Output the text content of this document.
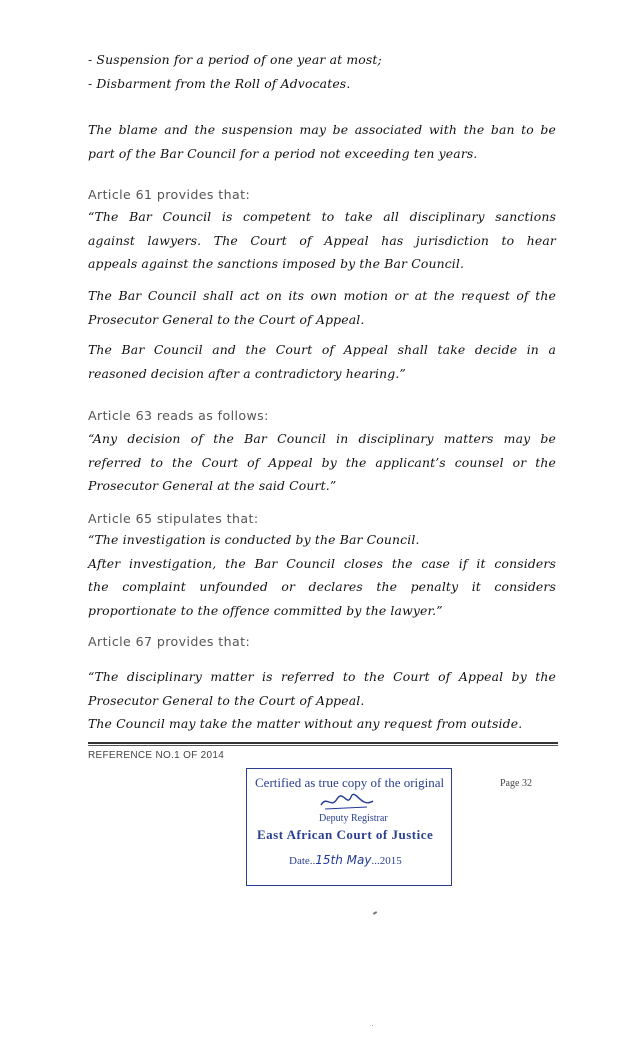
- Suspension for a period of one year at most;
- Disbarment from the Roll of Advocates.
The blame and the suspension may be associated with the ban to be
part of the Bar Council for a period not exceeding ten years.
Article 61 provides that:
“The Bar Council is competent to take all disciplinary sanctions
against lawyers. The Court of Appeal has jurisdiction to hear
appeals against the sanctions imposed by the Bar Council.
The Bar Council shall act on its own motion or at the request of the
Prosecutor General to the Court of Appeal.
The Bar Council and the Court of Appeal shall take decide in a
reasoned decision after a contradictory hearing.”
Article 63 reads as follows:
“Any decision of the Bar Council in disciplinary matters may be
referred to the Court of Appeal by the applicant’s counsel or the
Prosecutor General at the said Court.”
Article 65 stipulates that:
“The investigation is conducted by the Bar Council.
After investigation, the Bar Council closes the case if it considers
the complaint unfounded or declares the penalty it considers
proportionate to the offence committed by the lawyer.”
Article 67 provides that:
“The disciplinary matter is referred to the Court of Appeal by the
Prosecutor General to the Court of Appeal.
The Council may take the matter without any request from outside.
REFERENCE NO.1 OF 2014
Page 32
Certified as true copy of the original
Deputy Registrar
East African Court of Justice
Date..15th May...2015
